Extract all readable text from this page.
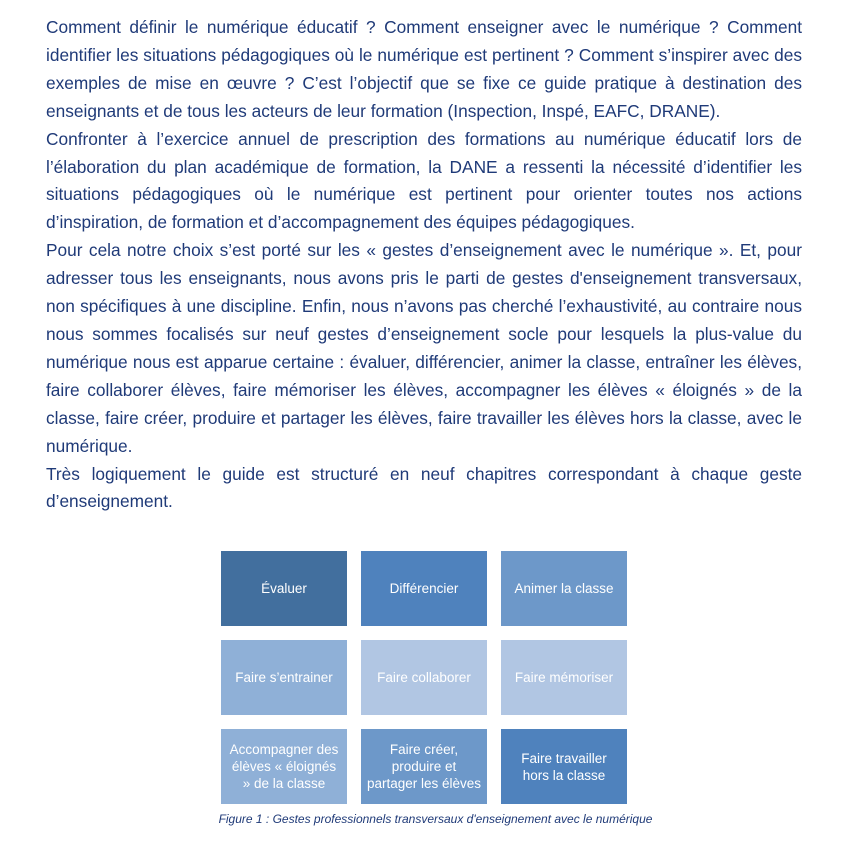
Comment définir le numérique éducatif ? Comment enseigner avec le numérique ? Comment identifier les situations pédagogiques où le numérique est pertinent ? Comment s’inspirer avec des exemples de mise en œuvre ? C’est l’objectif que se fixe ce guide pratique à destination des enseignants et de tous les acteurs de leur formation (Inspection, Inspé, EAFC, DRANE).

Confronter à l’exercice annuel de prescription des formations au numérique éducatif lors de l’élaboration du plan académique de formation, la DANE a ressenti la nécessité d’identifier les situations pédagogiques où le numérique est pertinent pour orienter toutes nos actions d’inspiration, de formation et d’accompagnement des équipes pédagogiques.

Pour cela notre choix s’est porté sur les « gestes d’enseignement avec le numérique ». Et, pour adresser tous les enseignants, nous avons pris le parti de gestes d'enseignement transversaux, non spécifiques à une discipline. Enfin, nous n’avons pas cherché l’exhaustivité, au contraire nous nous sommes focalisés sur neuf gestes d’enseignement socle pour lesquels la plus-value du numérique nous est apparue certaine : évaluer, différencier, animer la classe, entraîner les élèves, faire collaborer élèves, faire mémoriser les élèves, accompagner les élèves « éloignés » de la classe, faire créer, produire et partager les élèves, faire travailler les élèves hors la classe, avec le numérique.

Très logiquement le guide est structuré en neuf chapitres correspondant à chaque geste d’enseignement.

Évaluer	Différencier	Animer la classe
Faire s’entrainer	Faire collaborer	Faire mémoriser
Accompagner des
élèves « éloignés
» de la classe
Faire créer,
produire et
partager les élèves
Faire travailler
hors la classe
Figure 1 : Gestes professionnels transversaux d'enseignement avec le numérique
